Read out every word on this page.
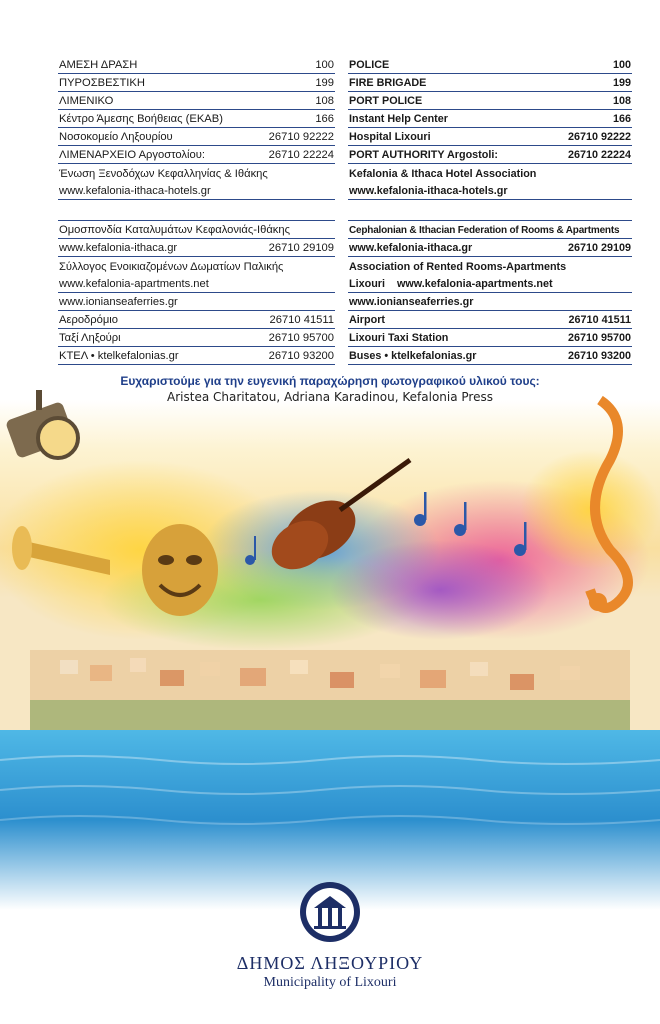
ΑΜΕΣΗ ΔΡΑΣΗ	100
ΠΥΡΟΣΒΕΣΤΙΚΗ	199
ΛΙΜΕΝΙΚΟ	108
Κέντρο Άμεσης Βοήθειας (ΕΚΑΒ)	166
Νοσοκομείο Ληξουρίου	26710 92222
ΛΙΜΕΝΑΡΧΕΙΟ Αργοστολίου:	26710 22224
Ένωση Ξενοδόχων Κεφαλληνίας & Ιθάκης
www.kefalonia-ithaca-hotels.gr
Ομοσπονδία Καταλυμάτων Κεφαλονιάς-Ιθάκης
www.kefalonia-ithaca.gr	26710 29109
Σύλλογος Ενοικιαζομένων Δωματίων Παλικής
www.kefalonia-apartments.net
www.ionianseaferries.gr
Αεροδρόμιο	26710 41511
Ταξί Ληξούρι	26710 95700
ΚΤΕΛ • ktelkefalonias.gr	26710 93200
POLICE	100
FIRE BRIGADE	199
PORT POLICE	108
Instant Help Center	166
Hospital Lixouri	26710 92222
PORT AUTHORITY Argostoli:	26710 22224
Kefalonia & Ithaca Hotel Association
www.kefalonia-ithaca-hotels.gr
Cephalonian & Ithacian Federation of Rooms & Apartments
www.kefalonia-ithaca.gr	26710 29109
Association of Rented Rooms-Apartments
Lixouri www.kefalonia-apartments.net
www.ionianseaferries.gr
Airport	26710 41511
Lixouri Taxi Station	26710 95700
Buses • ktelkefalonias.gr	26710 93200
Ευχαριστούμε για την ευγενική παραχώρηση φωτογραφικού υλικού τους:
Aristea Charitatou, Adriana Karadinou, Kefalonia Press
ΔΗΜΟΣ ΛΗΞΟΥΡΙΟΥ
Municipality of Lixouri
